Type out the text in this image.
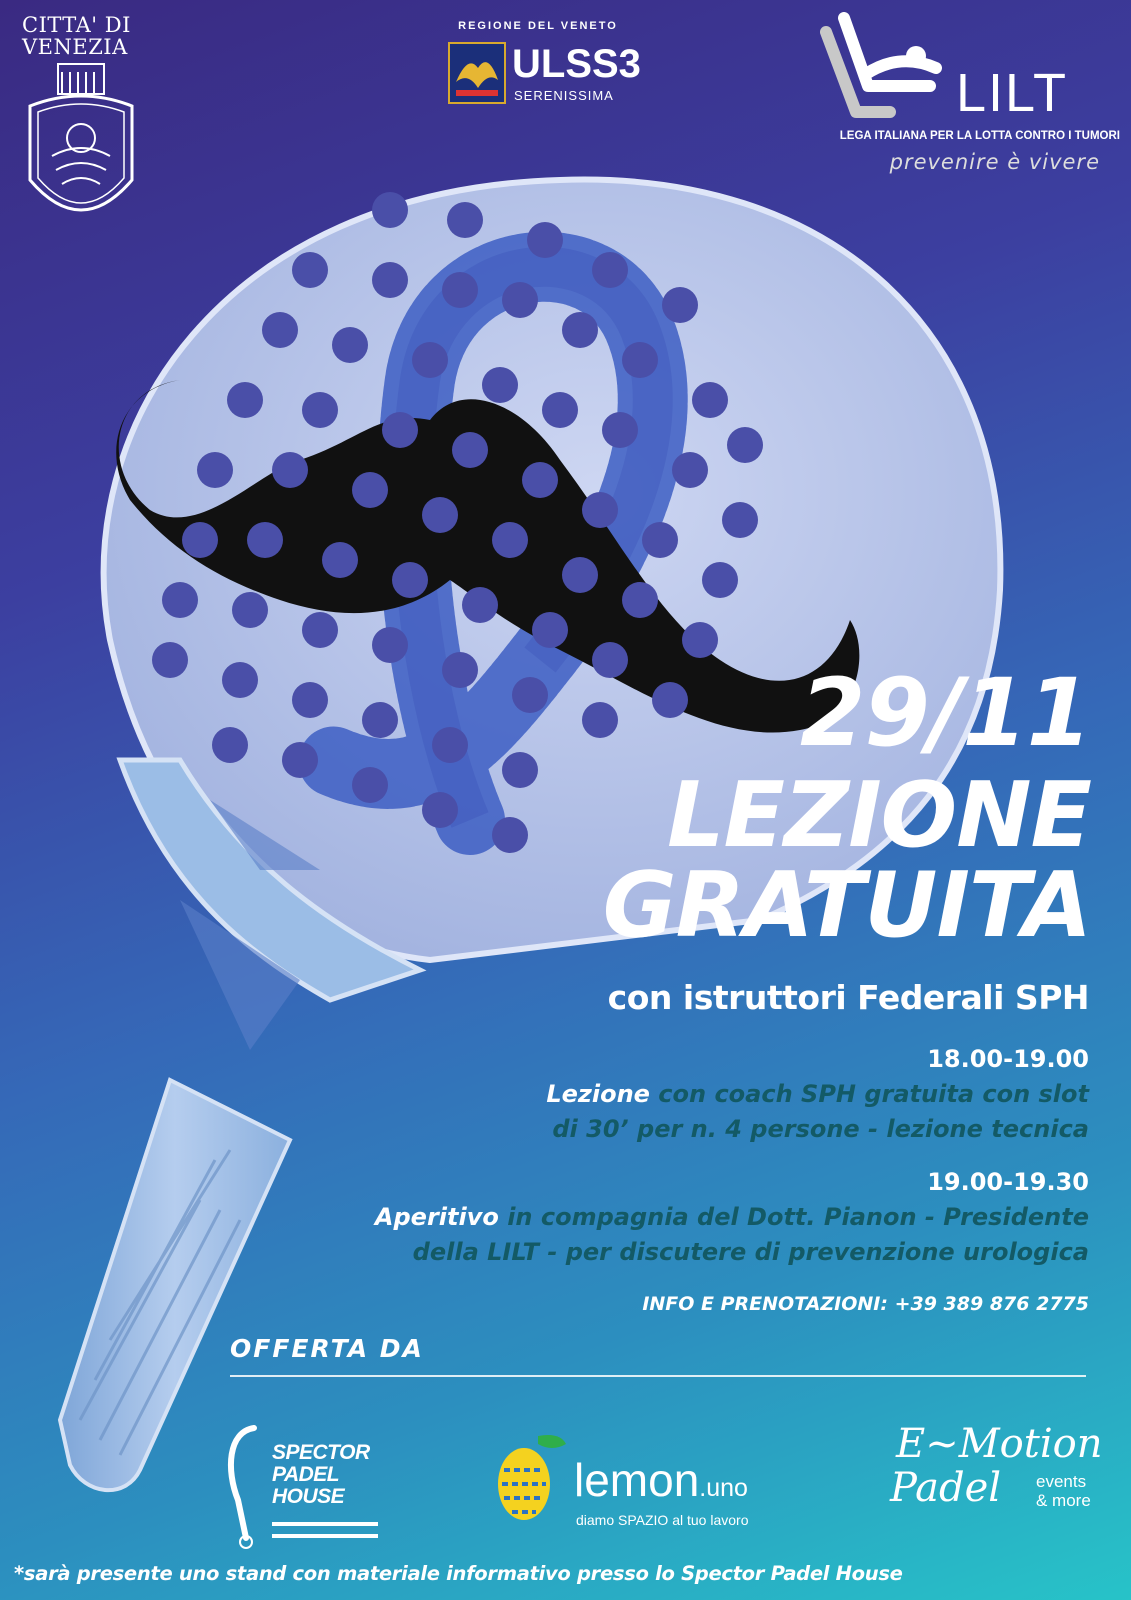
CITTA' DI
VENEZIA
REGIONE DEL VENETO
ULSS3
SERENISSIMA	LILT
LEGA ITALIANA PER LA LOTTA CONTRO I TUMORI
prevenire è vivere
29/11
LEZIONE
GRATUITA
con istruttori Federali SPH
18.00-19.00
Lezione con coach SPH gratuita con slot
di 30’ per n. 4 persone - lezione tecnica
19.00-19.30
Aperitivo in compagnia del Dott. Pianon - Presidente
della LILT - per discutere di prevenzione urologica
INFO E PRENOTAZIONI: +39 389 876 2775
OFFERTA DA
SPECTOR
PADEL
HOUSE	lemon.uno
diamo SPAZIO al tuo lavoro
E~Motion
Padel events
& more
*sarà presente uno stand con materiale informativo presso lo Spector Padel House
